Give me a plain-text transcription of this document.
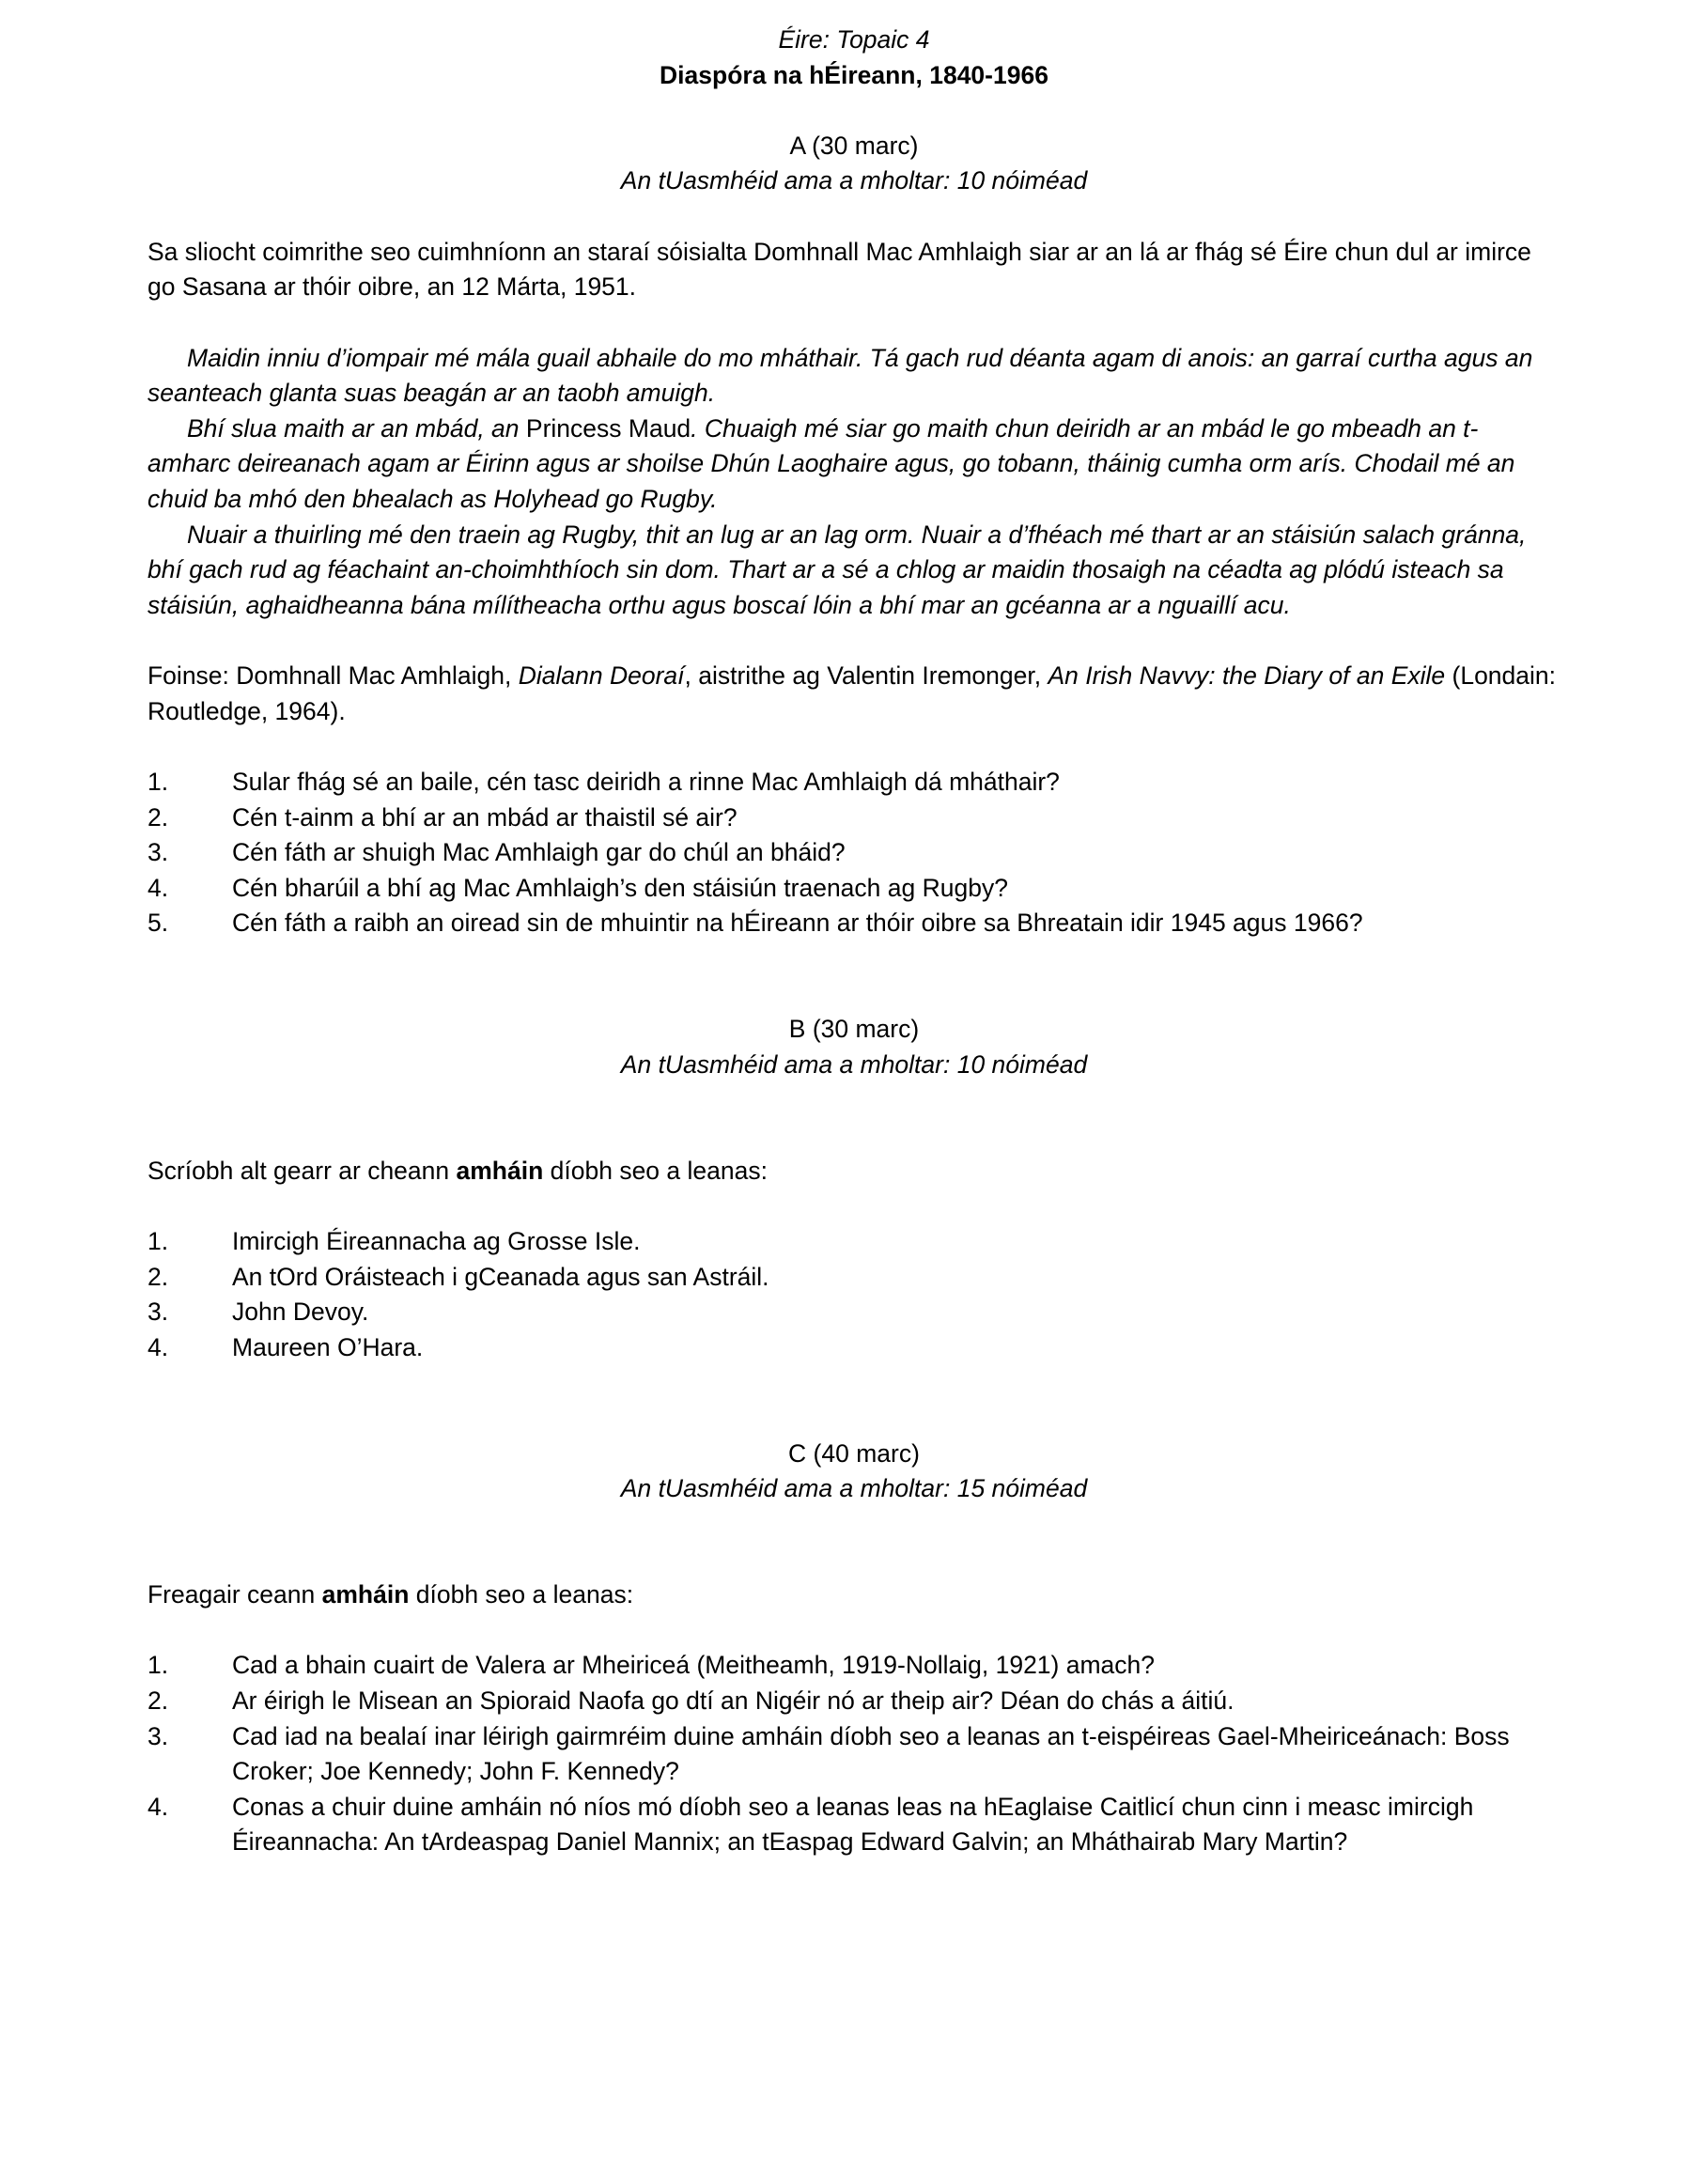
Éire: Topaic 4
Diaspóra na hÉireann, 1840-1966
A (30 marc)
An tUasmhéid ama a mholtar: 10 nóiméad

Sa sliocht coimrithe seo cuimhníonn an staraí sóisialta Domhnall Mac Amhlaigh siar ar an lá ar fhág sé Éire chun dul ar imirce go Sasana ar thóir oibre, an 12 Márta, 1951.

Maidin inniu d’iompair mé mála guail abhaile do mo mháthair. Tá gach rud déanta agam di anois: an garraí curtha agus an seanteach glanta suas beagán ar an taobh amuigh.
Bhí slua maith ar an mbád, an Princess Maud. Chuaigh mé siar go maith chun deiridh ar an mbád le go mbeadh an t-amharc deireanach agam ar Éirinn agus ar shoilse Dhún Laoghaire agus, go tobann, tháinig cumha orm arís. Chodail mé an chuid ba mhó den bhealach as Holyhead go Rugby.
Nuair a thuirling mé den traein ag Rugby, thit an lug ar an lag orm. Nuair a d’fhéach mé thart ar an stáisiún salach gránna, bhí gach rud ag féachaint an-choimhthíoch sin dom. Thart ar a sé a chlog ar maidin thosaigh na céadta ag plódú isteach sa stáisiún, aghaidheanna bána mílítheacha orthu agus boscaí lóin a bhí mar an gcéanna ar a nguaillí acu.

Foinse: Domhnall Mac Amhlaigh, Dialann Deoraí, aistrithe ag Valentin Iremonger, An Irish Navvy: the Diary of an Exile (Londain: Routledge, 1964).

1.	Sular fhág sé an baile, cén tasc deiridh a rinne Mac Amhlaigh dá mháthair?
2.	Cén t-ainm a bhí ar an mbád ar thaistil sé air?
3.	Cén fáth ar shuigh Mac Amhlaigh gar do chúl an bháid?
4.	Cén bharúil a bhí ag Mac Amhlaigh’s den stáisiún traenach ag Rugby?
5.	Cén fáth a raibh an oiread sin de mhuintir na hÉireann ar thóir oibre sa Bhreatain idir 1945 agus 1966?
B (30 marc)
An tUasmhéid ama a mholtar: 10 nóiméad

Scríobh alt gearr ar cheann amháin díobh seo a leanas:

1.	Imircigh Éireannacha ag Grosse Isle.
2.	An tOrd Oráisteach i gCeanada agus san Astráil.
3.	John Devoy.
4.	Maureen O’Hara.
C (40 marc)
An tUasmhéid ama a mholtar: 15 nóiméad

Freagair ceann amháin díobh seo a leanas:

1.	Cad a bhain cuairt de Valera ar Mheiriceá (Meitheamh, 1919-Nollaig, 1921) amach?
2.	Ar éirigh le Misean an Spioraid Naofa go dtí an Nigéir nó ar theip air? Déan do chás a áitiú.
3.	Cad iad na bealaí inar léirigh gairmréim duine amháin díobh seo a leanas an t-eispéireas Gael-Mheiriceánach: Boss Croker; Joe Kennedy; John F. Kennedy?
4.	Conas a chuir duine amháin nó níos mó díobh seo a leanas leas na hEaglaise Caitlicí chun cinn i measc imircigh Éireannacha: An tArdeaspag Daniel Mannix; an tEaspag Edward Galvin; an Mháthairab Mary Martin?
